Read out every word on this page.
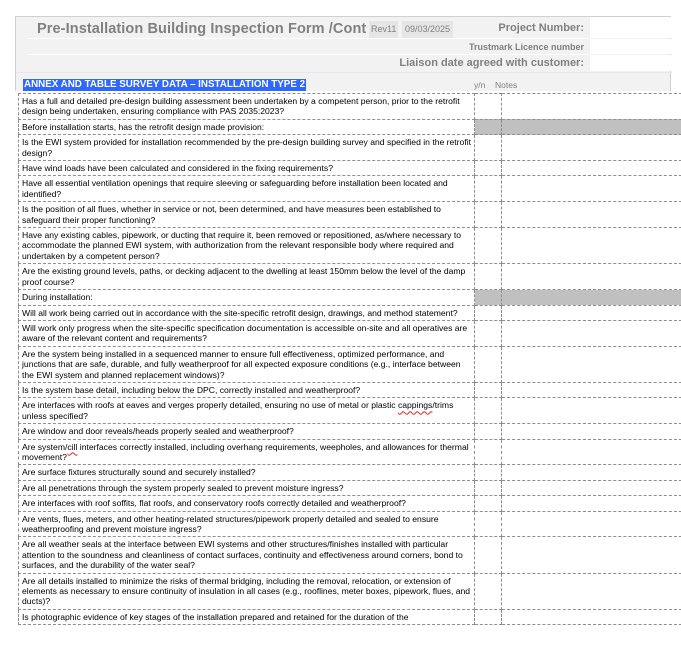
Pre-Installation Building Inspection Form /Cont Rev11 09/03/2025	Project Number:
Trustmark Licence number
Liaison date agreed with customer:
ANNEX AND TABLE SURVEY DATA – INSTALLATION TYPE 2	y/n Notes
Has a full and detailed pre-design building assessment been undertaken by a competent person, prior to the retrofit design being undertaken, ensuring compliance with PAS 2035:2023?		
Before installation starts, has the retrofit design made provision:		
Is the EWI system provided for installation recommended by the pre-design building survey and specified in the retrofit design?		
Have wind loads have been calculated and considered in the fixing requirements?		
Have all essential ventilation openings that require sleeving or safeguarding before installation been located and identified?		
Is the position of all flues, whether in service or not, been determined, and have measures been established to safeguard their proper functioning?		
Have any existing cables, pipework, or ducting that require it, been removed or repositioned, as/where necessary to accommodate the planned EWI system, with authorization from the relevant responsible body where required and undertaken by a competent person?		
Are the existing ground levels, paths, or decking adjacent to the dwelling at least 150mm below the level of the damp proof course?		
During installation:		
Will all work being carried out in accordance with the site-specific retrofit design, drawings, and method statement?		
Will work only progress when the site-specific specification documentation is accessible on-site and all operatives are aware of the relevant content and requirements?		
Are the system being installed in a sequenced manner to ensure full effectiveness, optimized performance, and junctions that are safe, durable, and fully weatherproof for all expected exposure conditions (e.g., interface between the EWI system and planned replacement windows)?		
Is the system base detail, including below the DPC, correctly installed and weatherproof?		
Are interfaces with roofs at eaves and verges properly detailed, ensuring no use of metal or plastic cappings/trims unless specified?		
Are window and door reveals/heads properly sealed and weatherproof?		
Are system/cill interfaces correctly installed, including overhang requirements, weepholes, and allowances for thermal movement?		
Are surface fixtures structurally sound and securely installed?		
Are all penetrations through the system properly sealed to prevent moisture ingress?		
Are interfaces with roof soffits, flat roofs, and conservatory roofs correctly detailed and weatherproof?		
Are vents, flues, meters, and other heating-related structures/pipework properly detailed and sealed to ensure weatherproofing and prevent moisture ingress?		
Are all weather seals at the interface between EWI systems and other structures/finishes installed with particular attention to the soundness and cleanliness of contact surfaces, continuity and effectiveness around corners, bond to surfaces, and the durability of the water seal?		
Are all details installed to minimize the risks of thermal bridging, including the removal, relocation, or extension of elements as necessary to ensure continuity of insulation in all cases (e.g., rooflines, meter boxes, pipework, flues, and ducts)?		
Is photographic evidence of key stages of the installation prepared and retained for the duration of the		
